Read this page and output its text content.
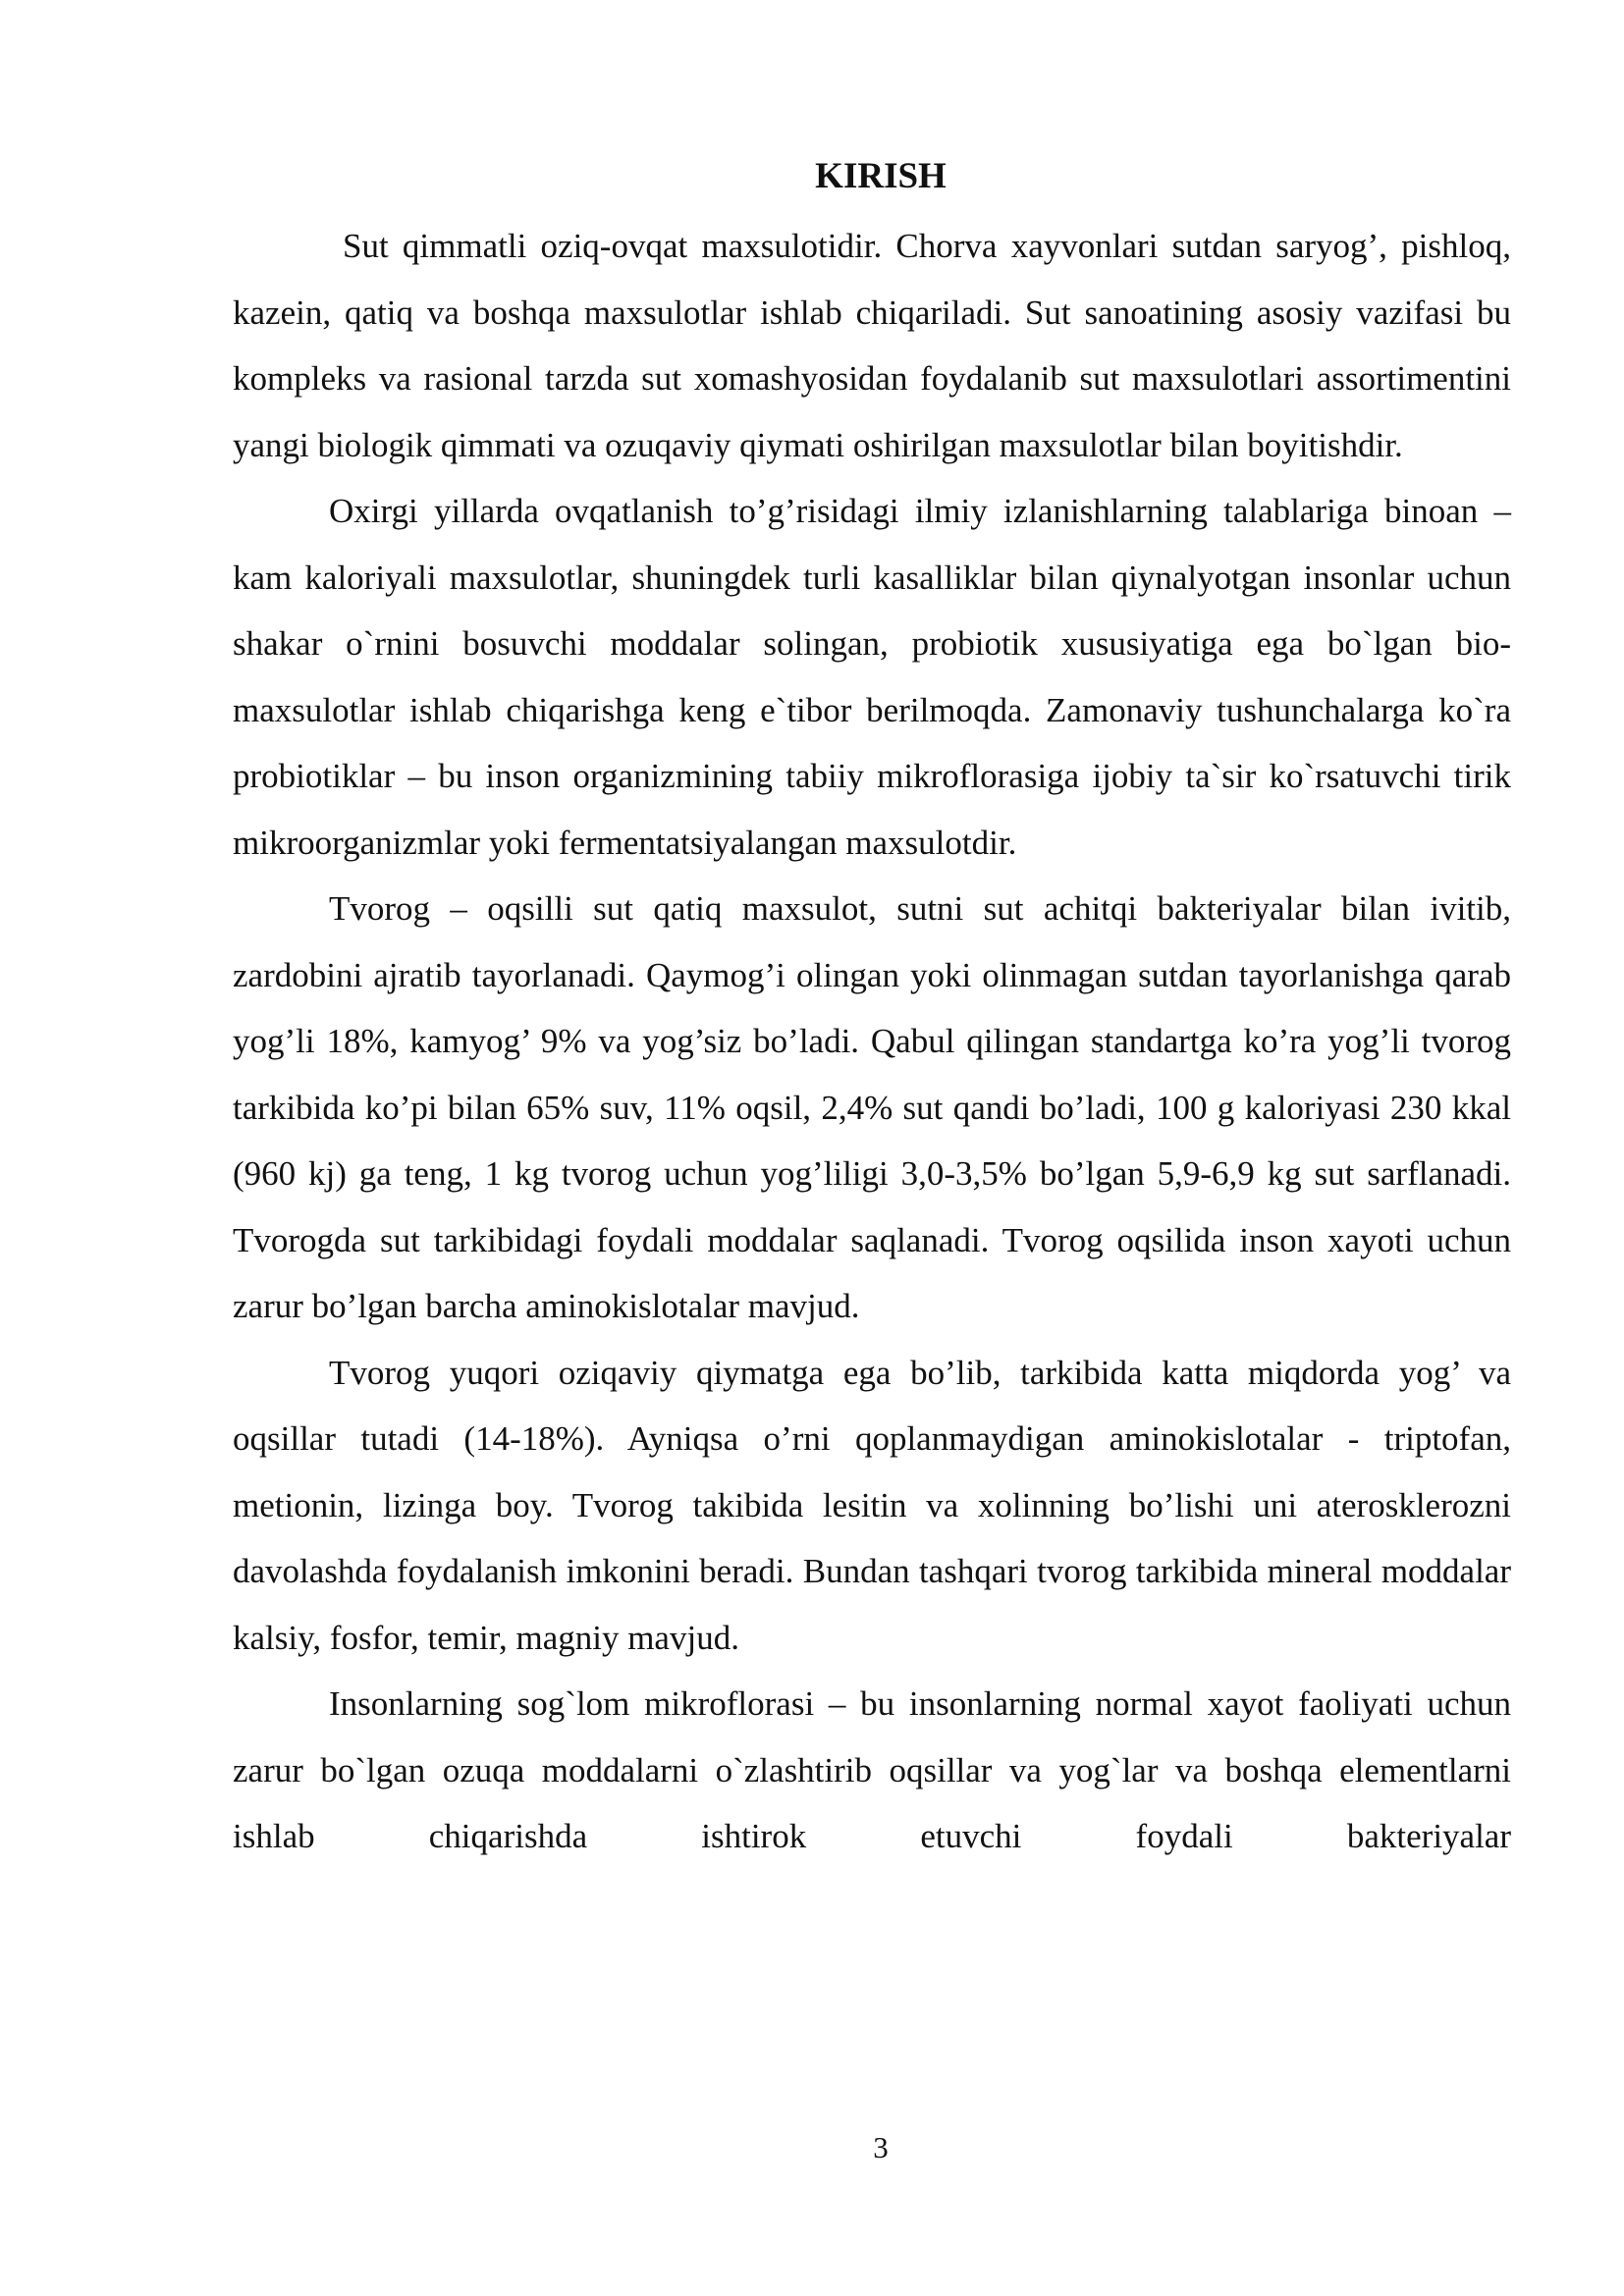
KIRISH

Sut qimmatli oziq-ovqat maxsulotidir. Chorva xayvonlari sutdan saryog’, pishloq, kazein, qatiq va boshqa maxsulotlar ishlab chiqariladi. Sut sanoatining asosiy vazifasi bu kompleks va rasional tarzda sut xomashyosidan foydalanib sut maxsulotlari assortimentini yangi biologik qimmati va ozuqaviy qiymati oshirilgan maxsulotlar bilan boyitishdir.

Oxirgi yillarda ovqatlanish to’g’risidagi ilmiy izlanishlarning talablariga binoan – kam kaloriyali maxsulotlar, shuningdek turli kasalliklar bilan qiynalyotgan insonlar uchun shakar o`rnini bosuvchi moddalar solingan, probiotik xususiyatiga ega bo`lgan bio-maxsulotlar ishlab chiqarishga keng e`tibor berilmoqda. Zamonaviy tushunchalarga ko`ra probiotiklar – bu inson organizmining tabiiy mikroflorasiga ijobiy ta`sir ko`rsatuvchi tirik mikroorganizmlar yoki fermentatsiyalangan maxsulotdir.

Tvorog – oqsilli sut qatiq maxsulot, sutni sut achitqi bakteriyalar bilan ivitib, zardobini ajratib tayorlanadi. Qaymog’i olingan yoki olinmagan sutdan tayorlanishga qarab yog’li 18%, kamyog’ 9% va yog’siz bo’ladi. Qabul qilingan standartga ko’ra yog’li tvorog tarkibida ko’pi bilan 65% suv, 11% oqsil, 2,4% sut qandi bo’ladi, 100 g kaloriyasi 230 kkal (960 kj) ga teng, 1 kg tvorog uchun yog’liligi 3,0-3,5% bo’lgan 5,9-6,9 kg sut sarflanadi. Tvorogda sut tarkibidagi foydali moddalar saqlanadi. Tvorog oqsilida inson xayoti uchun zarur bo’lgan barcha aminokislotalar mavjud.

Tvorog yuqori oziqaviy qiymatga ega bo’lib, tarkibida katta miqdorda yog’ va oqsillar tutadi (14-18%). Ayniqsa o’rni qoplanmaydigan aminokislotalar - triptofan, metionin, lizinga boy. Tvorog takibida lesitin va xolinning bo’lishi uni aterosklerozni davolashda foydalanish imkonini beradi. Bundan tashqari tvorog tarkibida mineral moddalar kalsiy, fosfor, temir, magniy mavjud.

Insonlarning sog`lom mikroflorasi – bu insonlarning normal xayot faoliyati uchun zarur bo`lgan ozuqa moddalarni o`zlashtirib oqsillar va yog`lar va boshqa elementlarni ishlab chiqarishda ishtirok etuvchi foydali bakteriyalar

3
